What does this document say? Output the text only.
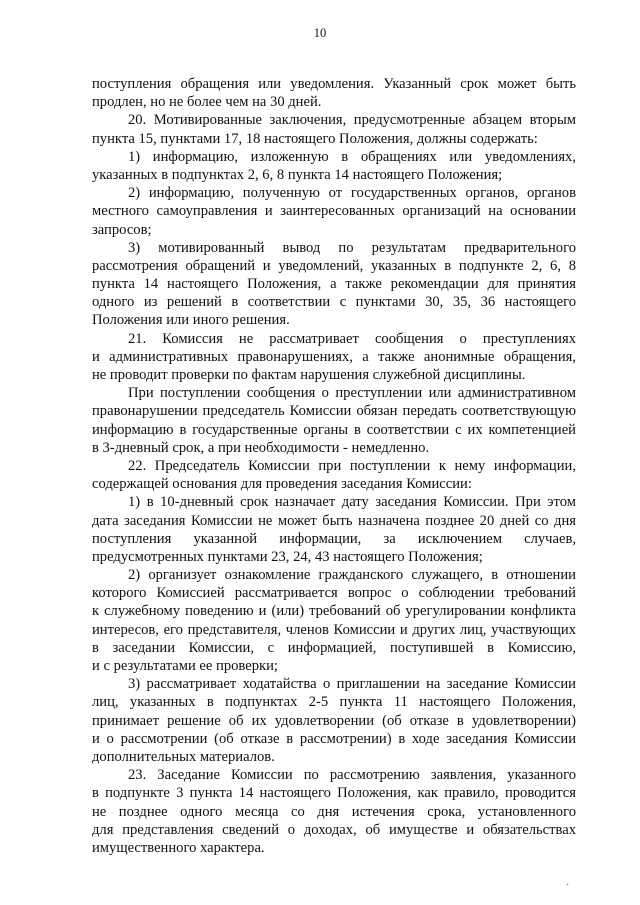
10
поступления обращения или уведомления. Указанный срок может быть
продлен, но не более чем на 30 дней.
20. Мотивированные заключения, предусмотренные абзацем вторым
пункта 15, пунктами 17, 18 настоящего Положения, должны содержать:
1) информацию, изложенную в обращениях или уведомлениях,
указанных в подпунктах 2, 6, 8 пункта 14 настоящего Положения;
2) информацию, полученную от государственных органов, органов
местного самоуправления и заинтересованных организаций на основании
запросов;
3) мотивированный вывод по результатам предварительного
рассмотрения обращений и уведомлений, указанных в подпункте 2, 6, 8
пункта 14 настоящего Положения, а также рекомендации для принятия
одного из решений в соответствии с пунктами 30, 35, 36 настоящего
Положения или иного решения.
21. Комиссия не рассматривает сообщения о преступлениях
и административных правонарушениях, а также анонимные обращения,
не проводит проверки по фактам нарушения служебной дисциплины.
При поступлении сообщения о преступлении или административном
правонарушении председатель Комиссии обязан передать соответствующую
информацию в государственные органы в соответствии с их компетенцией
в 3-дневный срок, а при необходимости - немедленно.
22. Председатель Комиссии при поступлении к нему информации,
содержащей основания для проведения заседания Комиссии:
1) в 10-дневный срок назначает дату заседания Комиссии. При этом
дата заседания Комиссии не может быть назначена позднее 20 дней со дня
поступления указанной информации, за исключением случаев,
предусмотренных пунктами 23, 24, 43 настоящего Положения;
2) организует ознакомление гражданского служащего, в отношении
которого Комиссией рассматривается вопрос о соблюдении требований
к служебному поведению и (или) требований об урегулировании конфликта
интересов, его представителя, членов Комиссии и других лиц, участвующих
в заседании Комиссии, с информацией, поступившей в Комиссию,
и с результатами ее проверки;
3) рассматривает ходатайства о приглашении на заседание Комиссии
лиц, указанных в подпунктах 2-5 пункта 11 настоящего Положения,
принимает решение об их удовлетворении (об отказе в удовлетворении)
и о рассмотрении (об отказе в рассмотрении) в ходе заседания Комиссии
дополнительных материалов.
23. Заседание Комиссии по рассмотрению заявления, указанного
в подпункте 3 пункта 14 настоящего Положения, как правило, проводится
не позднее одного месяца со дня истечения срока, установленного
для представления сведений о доходах, об имуществе и обязательствах
имущественного характера.
·
